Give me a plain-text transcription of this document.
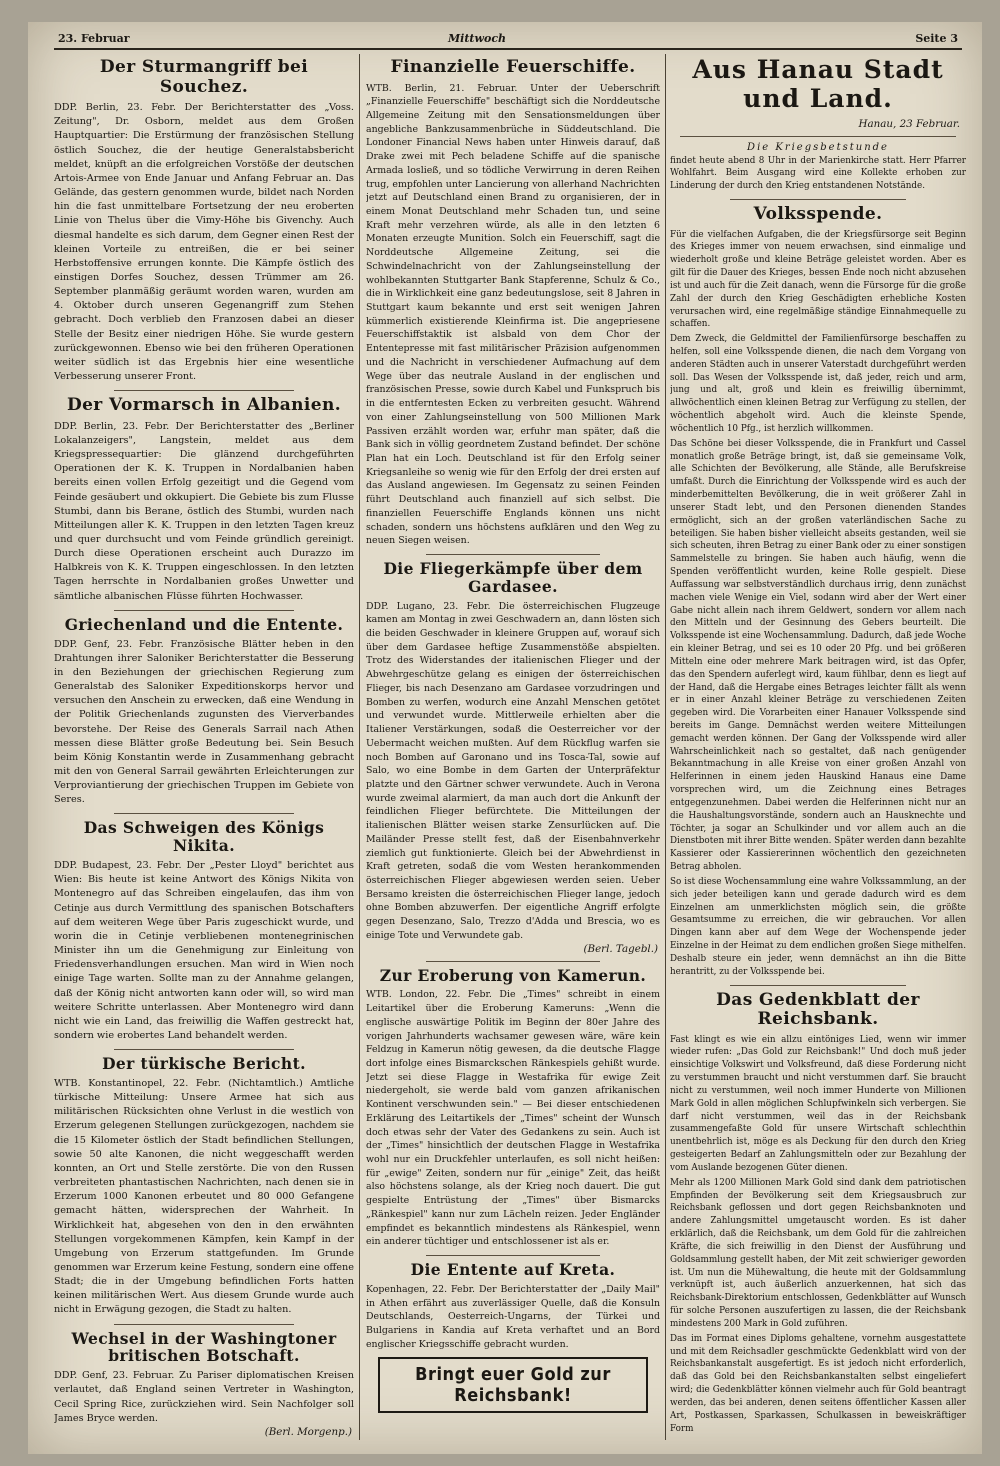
23. Februar	Mittwoch	Seite 3
Der Sturmangriff bei Souchez.

DDP. Berlin, 23. Febr. Der Berichterstatter des „Voss. Zeitung", Dr. Osborn, meldet aus dem Großen Hauptquartier: Die Erstürmung der französischen Stellung östlich Souchez, die der heutige Generalstabsbericht meldet, knüpft an die erfolgreichen Vorstöße der deutschen Artois-Armee von Ende Januar und Anfang Februar an. Das Gelände, das gestern genommen wurde, bildet nach Norden hin die fast unmittelbare Fortsetzung der neu eroberten Linie von Thelus über die Vimy-Höhe bis Givenchy. Auch diesmal handelte es sich darum, dem Gegner einen Rest der kleinen Vorteile zu entreißen, die er bei seiner Herbstoffensive errungen konnte. Die Kämpfe östlich des einstigen Dorfes Souchez, dessen Trümmer am 26. September planmäßig geräumt worden waren, wurden am 4. Oktober durch unseren Gegenangriff zum Stehen gebracht. Doch verblieb den Franzosen dabei an dieser Stelle der Besitz einer niedrigen Höhe. Sie wurde gestern zurückgewonnen. Ebenso wie bei den früheren Operationen weiter südlich ist das Ergebnis hier eine wesentliche Verbesserung unserer Front.

Der Vormarsch in Albanien.

DDP. Berlin, 23. Febr. Der Berichterstatter des „Berliner Lokalanzeigers", Langstein, meldet aus dem Kriegspressequartier: Die glänzend durchgeführten Operationen der K. K. Truppen in Nordalbanien haben bereits einen vollen Erfolg gezeitigt und die Gegend vom Feinde gesäubert und okkupiert. Die Gebiete bis zum Flusse Stumbi, dann bis Berane, östlich des Stumbi, wurden nach Mitteilungen aller K. K. Truppen in den letzten Tagen kreuz und quer durchsucht und vom Feinde gründlich gereinigt. Durch diese Operationen erscheint auch Durazzo im Halbkreis von K. K. Truppen eingeschlossen. In den letzten Tagen herrschte in Nordalbanien großes Unwetter und sämtliche albanischen Flüsse führten Hochwasser.

Griechenland und die Entente.

DDP. Genf, 23. Febr. Französische Blätter heben in den Drahtungen ihrer Saloniker Berichterstatter die Besserung in den Beziehungen der griechischen Regierung zum Generalstab des Saloniker Expeditionskorps hervor und versuchen den Anschein zu erwecken, daß eine Wendung in der Politik Griechenlands zugunsten des Vierverbandes bevorstehe. Der Reise des Generals Sarrail nach Athen messen diese Blätter große Bedeutung bei. Sein Besuch beim König Konstantin werde in Zusammenhang gebracht mit den von General Sarrail gewährten Erleichterungen zur Verproviantierung der griechischen Truppen im Gebiete von Seres.

Das Schweigen des Königs Nikita.

DDP. Budapest, 23. Febr. Der „Pester Lloyd" berichtet aus Wien: Bis heute ist keine Antwort des Königs Nikita von Montenegro auf das Schreiben eingelaufen, das ihm von Cetinje aus durch Vermittlung des spanischen Botschafters auf dem weiteren Wege über Paris zugeschickt wurde, und worin die in Cetinje verbliebenen montenegrinischen Minister ihn um die Genehmigung zur Einleitung von Friedensverhandlungen ersuchen. Man wird in Wien noch einige Tage warten. Sollte man zu der Annahme gelangen, daß der König nicht antworten kann oder will, so wird man weitere Schritte unterlassen. Aber Montenegro wird dann nicht wie ein Land, das freiwillig die Waffen gestreckt hat, sondern wie erobertes Land behandelt werden.

Der türkische Bericht.

WTB. Konstantinopel, 22. Febr. (Nichtamtlich.) Amtliche türkische Mitteilung: Unsere Armee hat sich aus militärischen Rücksichten ohne Verlust in die westlich von Erzerum gelegenen Stellungen zurückgezogen, nachdem sie die 15 Kilometer östlich der Stadt befindlichen Stellungen, sowie 50 alte Kanonen, die nicht weggeschafft werden konnten, an Ort und Stelle zerstörte. Die von den Russen verbreiteten phantastischen Nachrichten, nach denen sie in Erzerum 1000 Kanonen erbeutet und 80 000 Gefangene gemacht hätten, widersprechen der Wahrheit. In Wirklichkeit hat, abgesehen von den in den erwähnten Stellungen vorgekommenen Kämpfen, kein Kampf in der Umgebung von Erzerum stattgefunden. Im Grunde genommen war Erzerum keine Festung, sondern eine offene Stadt; die in der Umgebung befindlichen Forts hatten keinen militärischen Wert. Aus diesem Grunde wurde auch nicht in Erwägung gezogen, die Stadt zu halten.

Wechsel in der Washingtoner britischen Botschaft.

DDP. Genf, 23. Februar. Zu Pariser diplomatischen Kreisen verlautet, daß England seinen Vertreter in Washington, Cecil Spring Rice, zurückziehen wird. Sein Nachfolger soll James Bryce werden.

(Berl. Morgenp.)
Finanzielle Feuerschiffe.

WTB. Berlin, 21. Februar. Unter der Ueberschrift „Finanzielle Feuerschiffe" beschäftigt sich die Norddeutsche Allgemeine Zeitung mit den Sensationsmeldungen über angebliche Bankzusammenbrüche in Süddeutschland. Die Londoner Financial News haben unter Hinweis darauf, daß Drake zwei mit Pech beladene Schiffe auf die spanische Armada losließ, und so tödliche Verwirrung in deren Reihen trug, empfohlen unter Lancierung von allerhand Nachrichten jetzt auf Deutschland einen Brand zu organisieren, der in einem Monat Deutschland mehr Schaden tun, und seine Kraft mehr verzehren würde, als alle in den letzten 6 Monaten erzeugte Munition. Solch ein Feuerschiff, sagt die Norddeutsche Allgemeine Zeitung, sei die Schwindelnachricht von der Zahlungseinstellung der wohlbekannten Stuttgarter Bank Stapferenne, Schulz & Co., die in Wirklichkeit eine ganz bedeutungslose, seit 8 Jahren in Stuttgart kaum bekannte und erst seit wenigen Jahren kümmerlich existierende Kleinfirma ist. Die angepriesene Feuerschiffstaktik ist alsbald von dem Chor der Ententepresse mit fast militärischer Präzision aufgenommen und die Nachricht in verschiedener Aufmachung auf dem Wege über das neutrale Ausland in der englischen und französischen Presse, sowie durch Kabel und Funkspruch bis in die entferntesten Ecken zu verbreiten gesucht. Während von einer Zahlungseinstellung von 500 Millionen Mark Passiven erzählt worden war, erfuhr man später, daß die Bank sich in völlig geordnetem Zustand befindet. Der schöne Plan hat ein Loch. Deutschland ist für den Erfolg seiner Kriegsanleihe so wenig wie für den Erfolg der drei ersten auf das Ausland angewiesen. Im Gegensatz zu seinen Feinden führt Deutschland auch finanziell auf sich selbst. Die finanziellen Feuerschiffe Englands können uns nicht schaden, sondern uns höchstens aufklären und den Weg zu neuen Siegen weisen.

Die Fliegerkämpfe über dem Gardasee.

DDP. Lugano, 23. Febr. Die österreichischen Flugzeuge kamen am Montag in zwei Geschwadern an, dann lösten sich die beiden Geschwader in kleinere Gruppen auf, worauf sich über dem Gardasee heftige Zusammenstöße abspielten. Trotz des Widerstandes der italienischen Flieger und der Abwehrgeschütze gelang es einigen der österreichischen Flieger, bis nach Desenzano am Gardasee vorzudringen und Bomben zu werfen, wodurch eine Anzahl Menschen getötet und verwundet wurde. Mittlerweile erhielten aber die Italiener Verstärkungen, sodaß die Oesterreicher vor der Uebermacht weichen mußten. Auf dem Rückflug warfen sie noch Bomben auf Garonano und ins Tosca-Tal, sowie auf Salo, wo eine Bombe in dem Garten der Unterpräfektur platzte und den Gärtner schwer verwundete. Auch in Verona wurde zweimal alarmiert, da man auch dort die Ankunft der feindlichen Flieger befürchtete. Die Mitteilungen der italienischen Blätter weisen starke Zensurlücken auf. Die Mailänder Presse stellt fest, daß der Eisenbahnverkehr ziemlich gut funktionierte. Gleich bei der Abwehrdienst in Kraft getreten, sodaß die vom Westen herankommenden österreichischen Flieger abgewiesen werden seien. Ueber Bersamo kreisten die österreichischen Flieger lange, jedoch ohne Bomben abzuwerfen. Der eigentliche Angriff erfolgte gegen Desenzano, Salo, Trezzo d'Adda und Brescia, wo es einige Tote und Verwundete gab.

(Berl. Tagebl.)
Zur Eroberung von Kamerun.

WTB. London, 22. Febr. Die „Times" schreibt in einem Leitartikel über die Eroberung Kameruns: „Wenn die englische auswärtige Politik im Beginn der 80er Jahre des vorigen Jahrhunderts wachsamer gewesen wäre, wäre kein Feldzug in Kamerun nötig gewesen, da die deutsche Flagge dort infolge eines Bismarckschen Ränkespiels gehißt wurde. Jetzt sei diese Flagge in Westafrika für ewige Zeit niedergeholt, sie werde bald vom ganzen afrikanischen Kontinent verschwunden sein." — Bei dieser entschiedenen Erklärung des Leitartikels der „Times" scheint der Wunsch doch etwas sehr der Vater des Gedankens zu sein. Auch ist der „Times" hinsichtlich der deutschen Flagge in Westafrika wohl nur ein Druckfehler unterlaufen, es soll nicht heißen: für „ewige" Zeiten, sondern nur für „einige" Zeit, das heißt also höchstens solange, als der Krieg noch dauert. Die gut gespielte Entrüstung der „Times" über Bismarcks „Ränkespiel" kann nur zum Lächeln reizen. Jeder Engländer empfindet es bekanntlich mindestens als Ränkespiel, wenn ein anderer tüchtiger und entschlossener ist als er.

Die Entente auf Kreta.

Kopenhagen, 22. Febr. Der Berichterstatter der „Daily Mail" in Athen erfährt aus zuverlässiger Quelle, daß die Konsuln Deutschlands, Oesterreich-Ungarns, der Türkei und Bulgariens in Kandia auf Kreta verhaftet und an Bord englischer Kriegsschiffe gebracht wurden.

Bringt euer Gold zur Reichsbank!
Aus Hanau Stadt und Land.
Hanau, 23 Februar.
Die Kriegsbetstunde

findet heute abend 8 Uhr in der Marienkirche statt. Herr Pfarrer Wohlfahrt. Beim Ausgang wird eine Kollekte erhoben zur Linderung der durch den Krieg entstandenen Notstände.

Volksspende.

Für die vielfachen Aufgaben, die der Kriegsfürsorge seit Beginn des Krieges immer von neuem erwachsen, sind einmalige und wiederholt große und kleine Beträge geleistet worden. Aber es gilt für die Dauer des Krieges, bessen Ende noch nicht abzusehen ist und auch für die Zeit danach, wenn die Fürsorge für die große Zahl der durch den Krieg Geschädigten erhebliche Kosten verursachen wird, eine regelmäßige ständige Einnahmequelle zu schaffen.

Dem Zweck, die Geldmittel der Familienfürsorge beschaffen zu helfen, soll eine Volksspende dienen, die nach dem Vorgang von anderen Städten auch in unserer Vaterstadt durchgeführt werden soll. Das Wesen der Volksspende ist, daß jeder, reich und arm, jung und alt, groß und klein es freiwillig übernimmt, allwöchentlich einen kleinen Betrag zur Verfügung zu stellen, der wöchentlich abgeholt wird. Auch die kleinste Spende, wöchentlich 10 Pfg., ist herzlich willkommen.

Das Schöne bei dieser Volksspende, die in Frankfurt und Cassel monatlich große Beträge bringt, ist, daß sie gemeinsame Volk, alle Schichten der Bevölkerung, alle Stände, alle Berufskreise umfaßt. Durch die Einrichtung der Volksspende wird es auch der minderbemittelten Bevölkerung, die in weit größerer Zahl in unserer Stadt lebt, und den Personen dienenden Standes ermöglicht, sich an der großen vaterländischen Sache zu beteiligen. Sie haben bisher vielleicht abseits gestanden, weil sie sich scheuten, ihren Betrag zu einer Bank oder zu einer sonstigen Sammelstelle zu bringen. Sie haben auch häufig, wenn die Spenden veröffentlicht wurden, keine Rolle gespielt. Diese Auffassung war selbstverständlich durchaus irrig, denn zunächst machen viele Wenige ein Viel, sodann wird aber der Wert einer Gabe nicht allein nach ihrem Geldwert, sondern vor allem nach den Mitteln und der Gesinnung des Gebers beurteilt. Die Volksspende ist eine Wochensammlung. Dadurch, daß jede Woche ein kleiner Betrag, und sei es 10 oder 20 Pfg. und bei größeren Mitteln eine oder mehrere Mark beitragen wird, ist das Opfer, das den Spendern auferlegt wird, kaum fühlbar, denn es liegt auf der Hand, daß die Hergabe eines Betrages leichter fällt als wenn er in einer Anzahl kleiner Beträge zu verschiedenen Zeiten gegeben wird. Die Vorarbeiten einer Hanauer Volksspende sind bereits im Gange. Demnächst werden weitere Mitteilungen gemacht werden können. Der Gang der Volksspende wird aller Wahrscheinlichkeit nach so gestaltet, daß nach genügender Bekanntmachung in alle Kreise von einer großen Anzahl von Helferinnen in einem jeden Hauskind Hanaus eine Dame vorsprechen wird, um die Zeichnung eines Betrages entgegenzunehmen. Dabei werden die Helferinnen nicht nur an die Haushaltungsvorstände, sondern auch an Hausknechte und Töchter, ja sogar an Schulkinder und vor allem auch an die Dienstboten mit ihrer Bitte wenden. Später werden dann bezahlte Kassierer oder Kassiererinnen wöchentlich den gezeichneten Betrag abholen.

So ist diese Wochensammlung eine wahre Volkssammlung, an der sich jeder beteiligen kann und gerade dadurch wird es dem Einzelnen am unmerklichsten möglich sein, die größte Gesamtsumme zu erreichen, die wir gebrauchen. Vor allen Dingen kann aber auf dem Wege der Wochenspende jeder Einzelne in der Heimat zu dem endlichen großen Siege mithelfen. Deshalb steure ein jeder, wenn demnächst an ihn die Bitte herantritt, zu der Volksspende bei.

Das Gedenkblatt der Reichsbank.

Fast klingt es wie ein allzu eintöniges Lied, wenn wir immer wieder rufen: „Das Gold zur Reichsbank!" Und doch muß jeder einsichtige Volkswirt und Volksfreund, daß diese Forderung nicht zu verstummen braucht und nicht verstummen darf. Sie braucht nicht zu verstummen, weil noch immer Hunderte von Millionen Mark Gold in allen möglichen Schlupfwinkeln sich verbergen. Sie darf nicht verstummen, weil das in der Reichsbank zusammengefaßte Gold für unsere Wirtschaft schlechthin unentbehrlich ist, möge es als Deckung für den durch den Krieg gesteigerten Bedarf an Zahlungsmitteln oder zur Bezahlung der vom Auslande bezogenen Güter dienen.

Mehr als 1200 Millionen Mark Gold sind dank dem patriotischen Empfinden der Bevölkerung seit dem Kriegsausbruch zur Reichsbank geflossen und dort gegen Reichsbanknoten und andere Zahlungsmittel umgetauscht worden. Es ist daher erklärlich, daß die Reichsbank, um dem Gold für die zahlreichen Kräfte, die sich freiwillig in den Dienst der Ausführung und Goldsammlung gestellt haben, der Mit zeit schwieriger geworden ist. Um nun die Mühewaltung, die heute mit der Goldsammlung verknüpft ist, auch äußerlich anzuerkennen, hat sich das Reichsbank-Direktorium entschlossen, Gedenkblätter auf Wunsch für solche Personen auszufertigen zu lassen, die der Reichsbank mindestens 200 Mark in Gold zuführen.

Das im Format eines Diploms gehaltene, vornehm ausgestattete und mit dem Reichsadler geschmückte Gedenkblatt wird von der Reichsbankanstalt ausgefertigt. Es ist jedoch nicht erforderlich, daß das Gold bei den Reichsbankanstalten selbst eingeliefert wird; die Gedenkblätter können vielmehr auch für Gold beantragt werden, das bei anderen, denen seitens öffentlicher Kassen aller Art, Postkassen, Sparkassen, Schulkassen in beweiskräftiger Form
